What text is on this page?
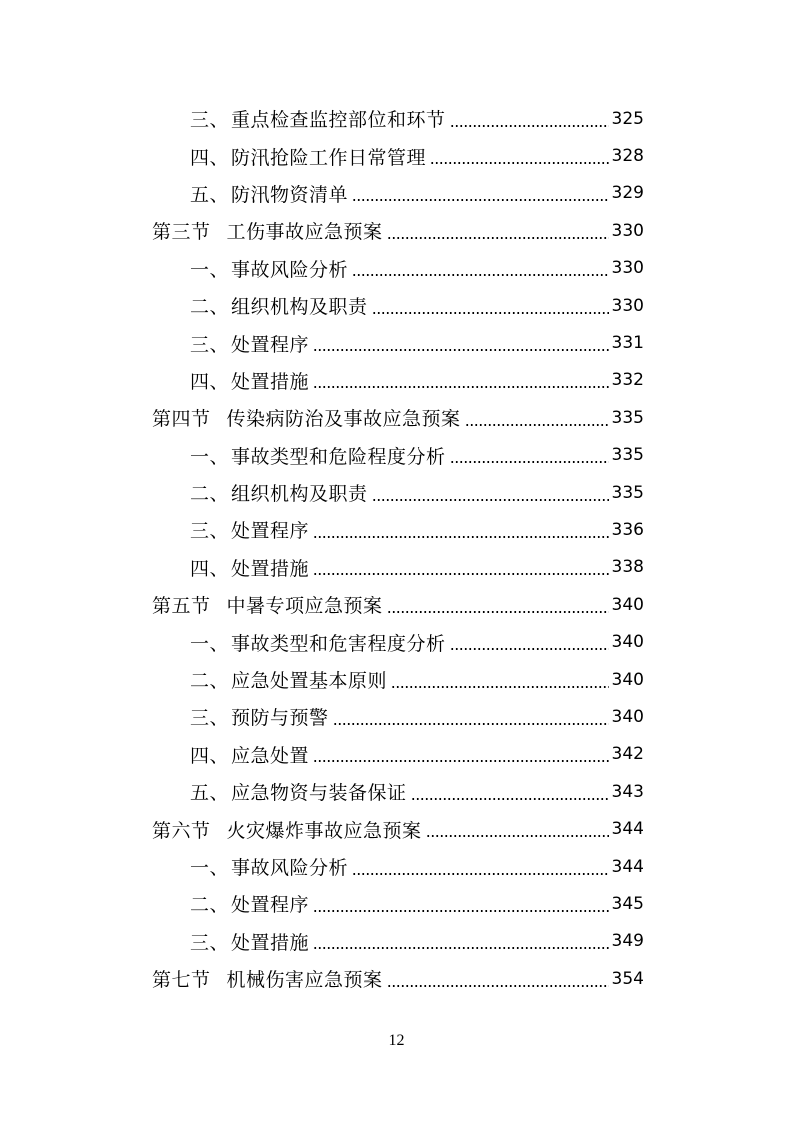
三、 重点检查监控部位和环节	325
四、 防汛抢险工作日常管理	328
五、 防汛物资清单	329
第三节 工伤事故应急预案	330
一、 事故风险分析	330
二、 组织机构及职责	330
三、 处置程序	331
四、 处置措施	332
第四节 传染病防治及事故应急预案	335
一、 事故类型和危险程度分析	335
二、 组织机构及职责	335
三、 处置程序	336
四、 处置措施	338
第五节 中暑专项应急预案	340
一、 事故类型和危害程度分析	340
二、 应急处置基本原则	340
三、 预防与预警	340
四、 应急处置	342
五、 应急物资与装备保证	343
第六节 火灾爆炸事故应急预案	344
一、 事故风险分析	344
二、 处置程序	345
三、 处置措施	349
第七节 机械伤害应急预案	354
12
